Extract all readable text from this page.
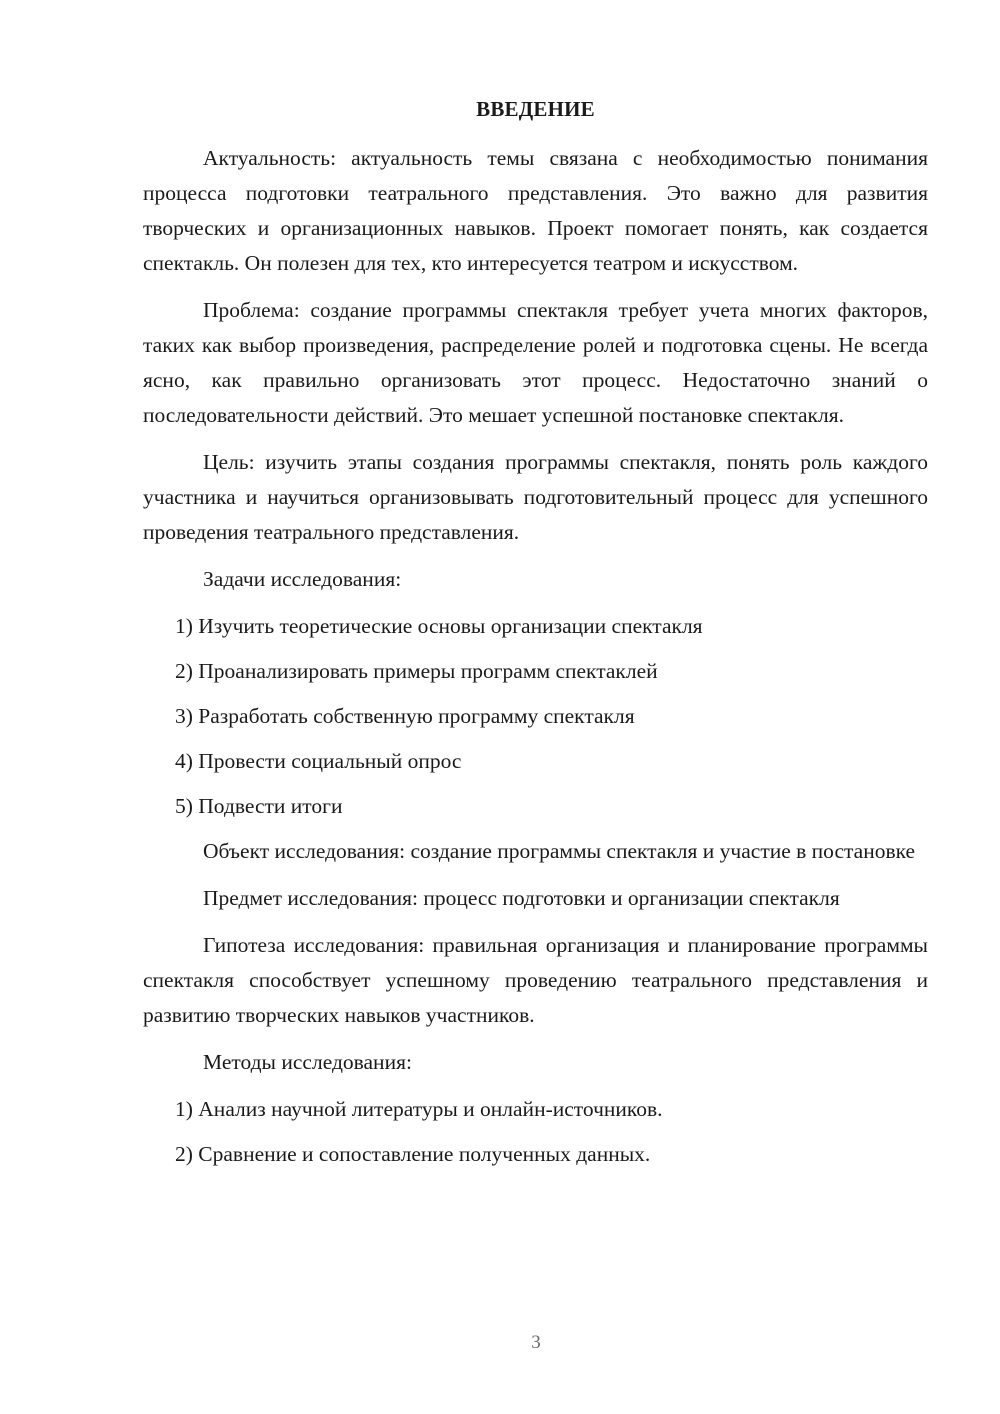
ВВЕДЕНИЕ

Актуальность: актуальность темы связана с необходимостью понимания процесса подготовки театрального представления. Это важно для развития творческих и организационных навыков. Проект помогает понять, как создается спектакль. Он полезен для тех, кто интересуется театром и искусством.

Проблема: создание программы спектакля требует учета многих факторов, таких как выбор произведения, распределение ролей и подготовка сцены. Не всегда ясно, как правильно организовать этот процесс. Недостаточно знаний о последовательности действий. Это мешает успешной постановке спектакля.

Цель: изучить этапы создания программы спектакля, понять роль каждого участника и научиться организовывать подготовительный процесс для успешного проведения театрального представления.

Задачи исследования:

1) Изучить теоретические основы организации спектакля
2) Проанализировать примеры программ спектаклей
3) Разработать собственную программу спектакля
4) Провести социальный опрос
5) Подвести итоги

Объект исследования: создание программы спектакля и участие в постановке

Предмет исследования: процесс подготовки и организации спектакля

Гипотеза исследования: правильная организация и планирование программы спектакля способствует успешному проведению театрального представления и развитию творческих навыков участников.

Методы исследования:

1) Анализ научной литературы и онлайн-источников.
2) Сравнение и сопоставление полученных данных.
3
